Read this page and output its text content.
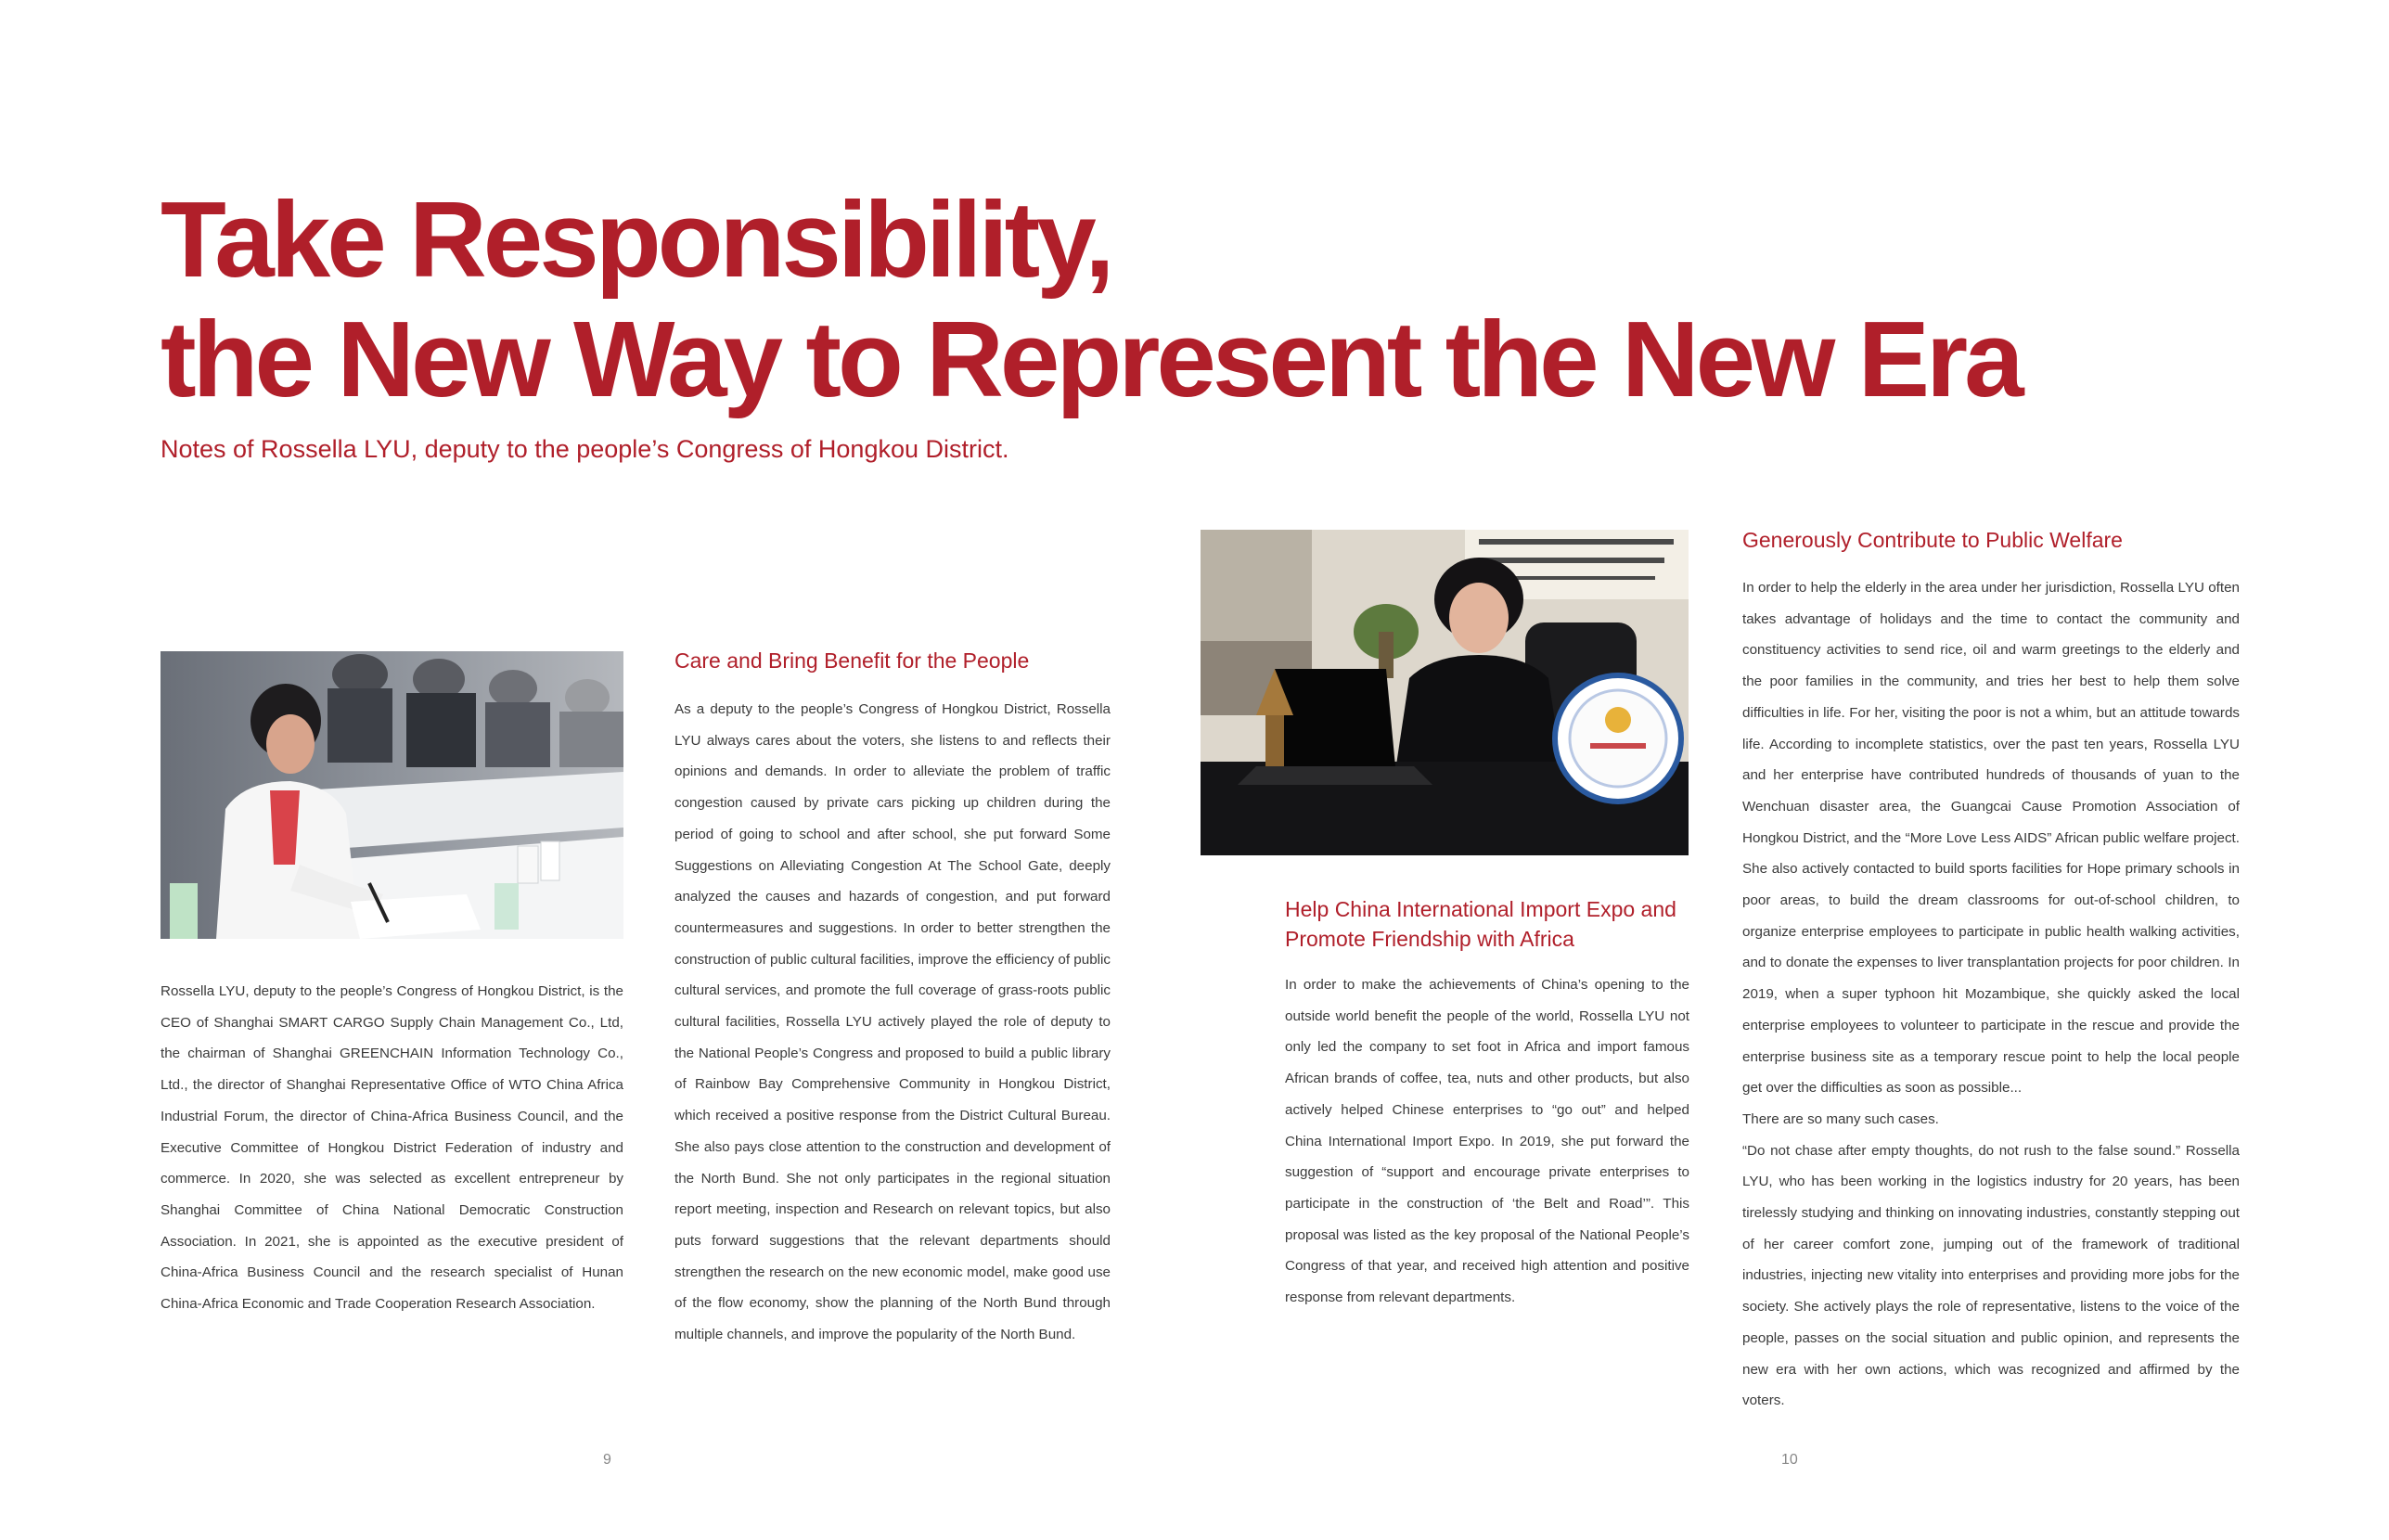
Take Responsibility,
the New Way to Represent the New Era
Notes of Rossella LYU, deputy to the people’s Congress of Hongkou District.
Rossella LYU, deputy to the people’s Congress of Hongkou District, is the CEO of Shanghai SMART CARGO Supply Chain Management Co., Ltd, the chairman of Shanghai GREENCHAIN Information Technology Co., Ltd., the director of Shanghai Representative Office of WTO China Africa Industrial Forum, the director of China-Africa Business Council, and the Executive Committee of Hongkou District Federation of industry and commerce. In 2020, she was selected as excellent entrepreneur by Shanghai Committee of China National Democratic Construction Association. In 2021, she is appointed as the executive president of China-Africa Business Council and the research specialist of Hunan China-Africa Economic and Trade Cooperation Research Association.
Care and Bring Benefit for the People
As a deputy to the people’s Congress of Hongkou District, Rossella LYU always cares about the voters, she listens to and reflects their opinions and demands. In order to alleviate the problem of traffic congestion caused by private cars picking up children during the period of going to school and after school, she put forward Some Suggestions on Alleviating Congestion At The School Gate, deeply analyzed the causes and hazards of congestion, and put forward countermeasures and suggestions. In order to better strengthen the construction of public cultural facilities, improve the efficiency of public cultural services, and promote the full coverage of grass-roots public cultural facilities, Rossella LYU actively played the role of deputy to the National People’s Congress and proposed to build a public library of Rainbow Bay Comprehensive Community in Hongkou District, which received a positive response from the District Cultural Bureau. She also pays close attention to the construction and development of the North Bund. She not only participates in the regional situation report meeting, inspection and Research on relevant topics, but also puts forward suggestions that the relevant departments should strengthen the research on the new economic model, make good use of the flow economy, show the planning of the North Bund through multiple channels, and improve the popularity of the North Bund.
Help China International Import Expo and
Promote Friendship with Africa
In order to make the achievements of China’s opening to the outside world benefit the people of the world, Rossella LYU not only led the company to set foot in Africa and import famous African brands of coffee, tea, nuts and other products, but also actively helped Chinese enterprises to “go out” and helped China International Import Expo. In 2019, she put forward the suggestion of “support and encourage private enterprises to participate in the construction of ‘the Belt and Road’”. This proposal was listed as the key proposal of the National People’s Congress of that year, and received high attention and positive response from relevant departments.
Generously Contribute to Public Welfare

In order to help the elderly in the area under her jurisdiction, Rossella LYU often takes advantage of holidays and the time to contact the community and constituency activities to send rice, oil and warm greetings to the elderly and the poor families in the community, and tries her best to help them solve difficulties in life. For her, visiting the poor is not a whim, but an attitude towards life. According to incomplete statistics, over the past ten years, Rossella LYU and her enterprise have contributed hundreds of thousands of yuan to the Wenchuan disaster area, the Guangcai Cause Promotion Association of Hongkou District, and the “More Love Less AIDS” African public welfare project. She also actively contacted to build sports facilities for Hope primary schools in poor areas, to build the dream classrooms for out-of-school children, to organize enterprise employees to participate in public health walking activities, and to donate the expenses to liver transplantation projects for poor children. In 2019, when a super typhoon hit Mozambique, she quickly asked the local enterprise employees to volunteer to participate in the rescue and provide the enterprise business site as a temporary rescue point to help the local people get over the difficulties as soon as possible...

There are so many such cases.

“Do not chase after empty thoughts, do not rush to the false sound.” Rossella LYU, who has been working in the logistics industry for 20 years, has been tirelessly studying and thinking on innovating industries, constantly stepping out of her career comfort zone, jumping out of the framework of traditional industries, injecting new vitality into enterprises and providing more jobs for the society. She actively plays the role of representative, listens to the voice of the people, passes on the social situation and public opinion, and represents the new era with her own actions, which was recognized and affirmed by the voters.

9	10
